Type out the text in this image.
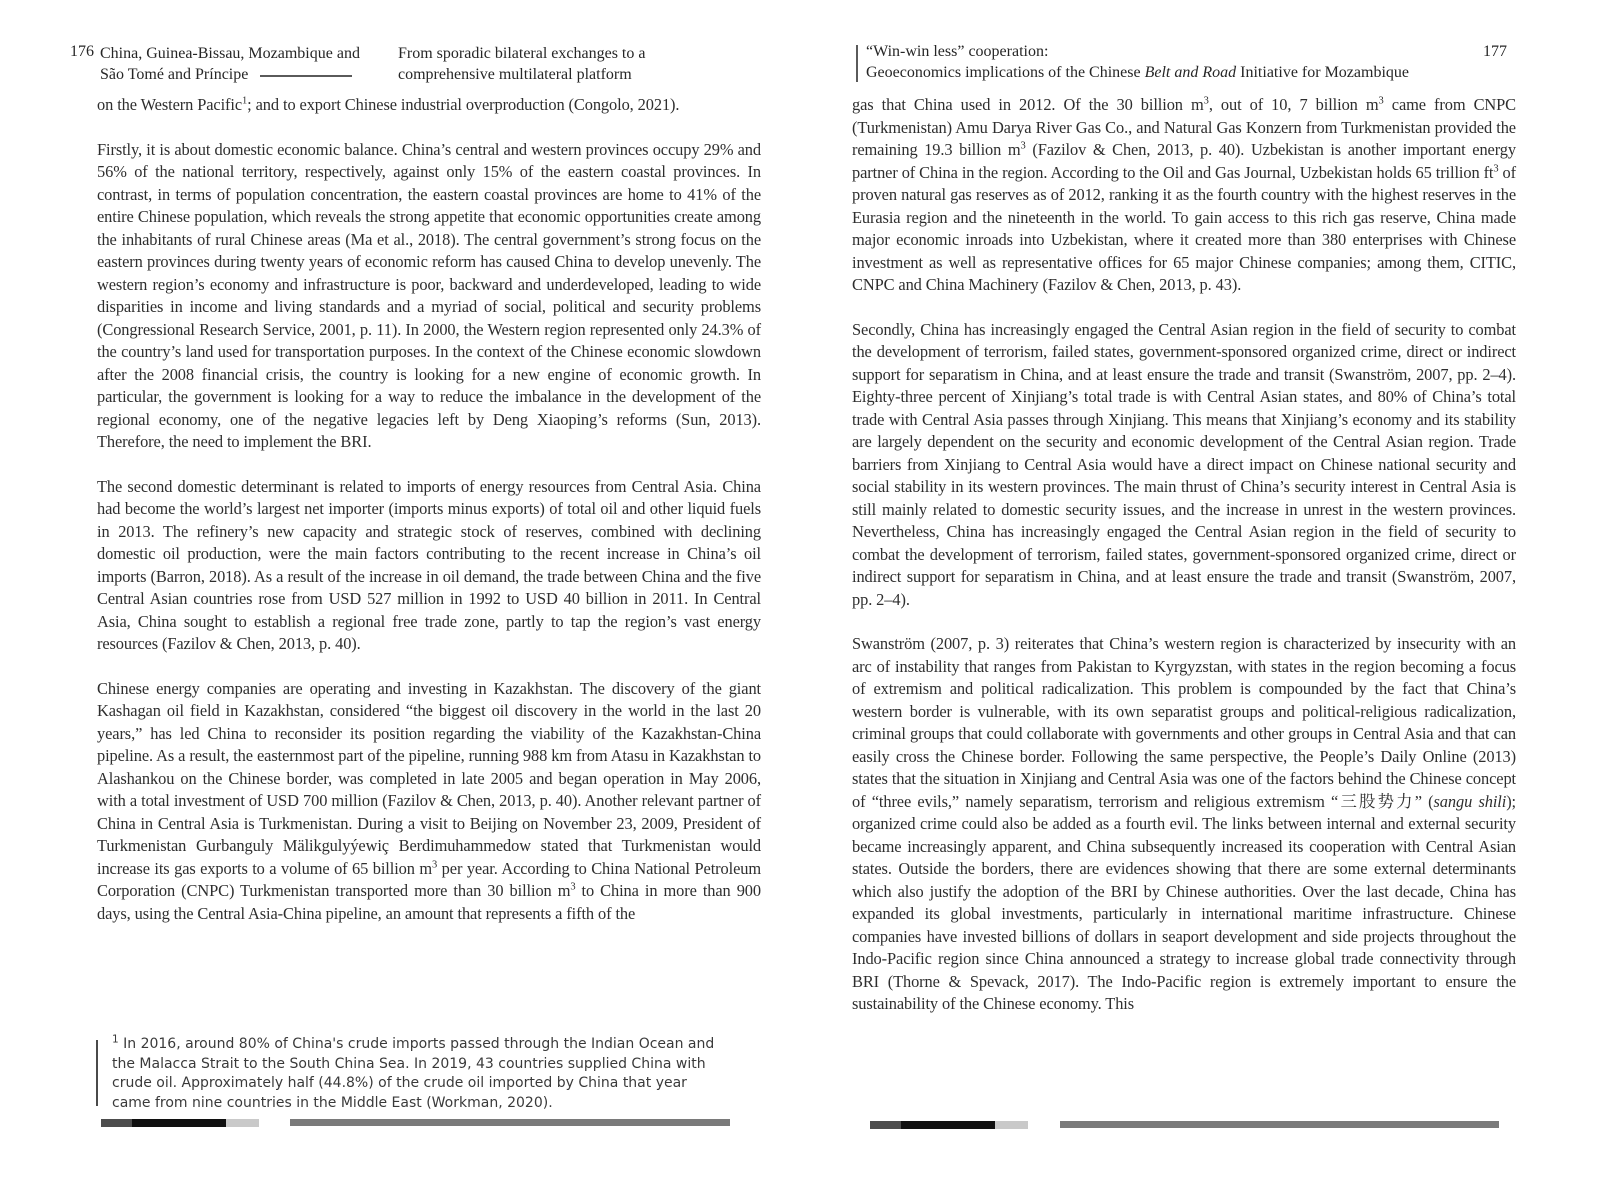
176 China, Guinea-Bissau, Mozambique and
São Tomé and Príncipe
From sporadic bilateral exchanges to a
comprehensive multilateral platform

on the Western Pacific$^1$; and to export Chinese industrial overproduction (Congolo, 2021).

Firstly, it is about domestic economic balance. China’s central and western provinces occupy 29% and 56% of the national territory, respectively, against only 15% of the eastern coastal provinces. In contrast, in terms of population concentration, the eastern coastal provinces are home to 41% of the entire Chinese population, which reveals the strong appetite that economic opportunities create among the inhabitants of rural Chinese areas (Ma et al., 2018). The central government’s strong focus on the eastern provinces during twenty years of economic reform has caused China to develop unevenly. The western region’s economy and infrastructure is poor, backward and underdeveloped, leading to wide disparities in income and living standards and a myriad of social, political and security problems (Congressional Research Service, 2001, p. 11). In 2000, the Western region represented only 24.3% of the country’s land used for transportation purposes. In the context of the Chinese economic slowdown after the 2008 financial crisis, the country is looking for a new engine of economic growth. In particular, the government is looking for a way to reduce the imbalance in the development of the regional economy, one of the negative legacies left by Deng Xiaoping’s reforms (Sun, 2013). Therefore, the need to implement the BRI.

The second domestic determinant is related to imports of energy resources from Central Asia. China had become the world’s largest net importer (imports minus exports) of total oil and other liquid fuels in 2013. The refinery’s new capacity and strategic stock of reserves, combined with declining domestic oil production, were the main factors contributing to the recent increase in China’s oil imports (Barron, 2018). As a result of the increase in oil demand, the trade between China and the five Central Asian countries rose from USD 527 million in 1992 to USD 40 billion in 2011. In Central Asia, China sought to establish a regional free trade zone, partly to tap the region’s vast energy resources (Fazilov & Chen, 2013, p. 40).

Chinese energy companies are operating and investing in Kazakhstan. The discovery of the giant Kashagan oil field in Kazakhstan, considered “the biggest oil discovery in the world in the last 20 years,” has led China to reconsider its position regarding the viability of the Kazakhstan-China pipeline. As a result, the easternmost part of the pipeline, running 988 km from Atasu in Kazakhstan to Alashankou on the Chinese border, was completed in late 2005 and began operation in May 2006, with a total investment of USD 700 million (Fazilov & Chen, 2013, p. 40). Another relevant partner of China in Central Asia is Turkmenistan. During a visit to Beijing on November 23, 2009, President of Turkmenistan Gurbanguly Mälikgulyýewiç Berdimuhammedow stated that Turkmenistan would increase its gas exports to a volume of 65 billion $m^3$ per year. According to China National Petroleum Corporation (CNPC) Turkmenistan transported more than 30 billion $m^3$ to China in more than 900 days, using the Central Asia-China pipeline, an amount that represents a fifth of the

$^1$ In 2016, around 80% of China's crude imports passed through the Indian Ocean and the Malacca Strait to the South China Sea. In 2019, 43 countries supplied China with crude oil. Approximately half (44.8%) of the crude oil imported by China that year came from nine countries in the Middle East (Workman, 2020).

“Win-win less” cooperation:
Geoeconomics implications of the Chinese Belt and Road Initiative for Mozambique
177

gas that China used in 2012. Of the 30 billion $m^3$, out of 10, 7 billion $m^3$ came from CNPC (Turkmenistan) Amu Darya River Gas Co., and Natural Gas Konzern from Turkmenistan provided the remaining 19.3 billion $m^3$ (Fazilov & Chen, 2013, p. 40). Uzbekistan is another important energy partner of China in the region. According to the Oil and Gas Journal, Uzbekistan holds 65 trillion $ft^3$ of proven natural gas reserves as of 2012, ranking it as the fourth country with the highest reserves in the Eurasia region and the nineteenth in the world. To gain access to this rich gas reserve, China made major economic inroads into Uzbekistan, where it created more than 380 enterprises with Chinese investment as well as representative offices for 65 major Chinese companies; among them, CITIC, CNPC and China Machinery (Fazilov & Chen, 2013, p. 43).

Secondly, China has increasingly engaged the Central Asian region in the field of security to combat the development of terrorism, failed states, government-sponsored organized crime, direct or indirect support for separatism in China, and at least ensure the trade and transit (Swanström, 2007, pp. 2–4). Eighty-three percent of Xinjiang’s total trade is with Central Asian states, and 80% of China’s total trade with Central Asia passes through Xinjiang. This means that Xinjiang’s economy and its stability are largely dependent on the security and economic development of the Central Asian region. Trade barriers from Xinjiang to Central Asia would have a direct impact on Chinese national security and social stability in its western provinces. The main thrust of China’s security interest in Central Asia is still mainly related to domestic security issues, and the increase in unrest in the western provinces. Nevertheless, China has increasingly engaged the Central Asian region in the field of security to combat the development of terrorism, failed states, government-sponsored organized crime, direct or indirect support for separatism in China, and at least ensure the trade and transit (Swanström, 2007, pp. 2–4).

Swanström (2007, p. 3) reiterates that China’s western region is characterized by insecurity with an arc of instability that ranges from Pakistan to Kyrgyzstan, with states in the region becoming a focus of extremism and political radicalization. This problem is compounded by the fact that China’s western border is vulnerable, with its own separatist groups and political-religious radicalization, criminal groups that could collaborate with governments and other groups in Central Asia and that can easily cross the Chinese border. Following the same perspective, the People’s Daily Online (2013) states that the situation in Xinjiang and Central Asia was one of the factors behind the Chinese concept of “three evils,” namely separatism, terrorism and religious extremism “三股势力” (sangu shili); organized crime could also be added as a fourth evil. The links between internal and external security became increasingly apparent, and China subsequently increased its cooperation with Central Asian states. Outside the borders, there are evidences showing that there are some external determinants which also justify the adoption of the BRI by Chinese authorities. Over the last decade, China has expanded its global investments, particularly in international maritime infrastructure. Chinese companies have invested billions of dollars in seaport development and side projects throughout the Indo-Pacific region since China announced a strategy to increase global trade connectivity through BRI (Thorne & Spevack, 2017). The Indo-Pacific region is extremely important to ensure the sustainability of the Chinese economy. This
